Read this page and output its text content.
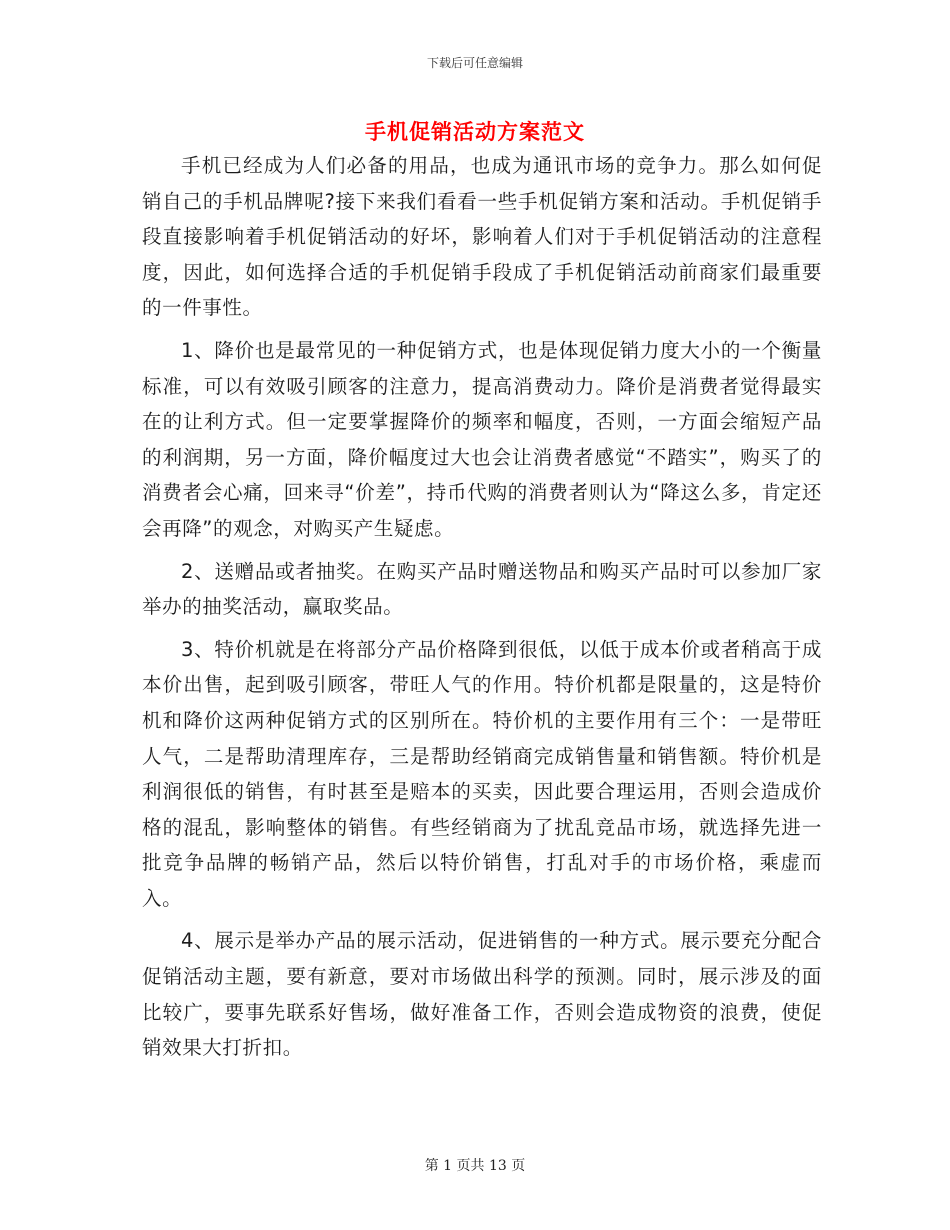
下载后可任意编辑
手机促销活动方案范文

手机已经成为人们必备的用品，也成为通讯市场的竞争力。那么如何促销自己的手机品牌呢?接下来我们看看一些手机促销方案和活动。手机促销手段直接影响着手机促销活动的好坏，影响着人们对于手机促销活动的注意程度，因此，如何选择合适的手机促销手段成了手机促销活动前商家们最重要的一件事性。

1、降价也是最常见的一种促销方式，也是体现促销力度大小的一个衡量标准，可以有效吸引顾客的注意力，提高消费动力。降价是消费者觉得最实在的让利方式。但一定要掌握降价的频率和幅度，否则，一方面会缩短产品的利润期，另一方面，降价幅度过大也会让消费者感觉“不踏实”，购买了的消费者会心痛，回来寻“价差”，持币代购的消费者则认为“降这么多，肯定还会再降”的观念，对购买产生疑虑。

2、送赠品或者抽奖。在购买产品时赠送物品和购买产品时可以参加厂家举办的抽奖活动，赢取奖品。

3、特价机就是在将部分产品价格降到很低，以低于成本价或者稍高于成本价出售，起到吸引顾客，带旺人气的作用。特价机都是限量的，这是特价机和降价这两种促销方式的区别所在。特价机的主要作用有三个：一是带旺人气，二是帮助清理库存，三是帮助经销商完成销售量和销售额。特价机是利润很低的销售，有时甚至是赔本的买卖，因此要合理运用，否则会造成价格的混乱，影响整体的销售。有些经销商为了扰乱竞品市场，就选择先进一批竞争品牌的畅销产品，然后以特价销售，打乱对手的市场价格，乘虚而入。

4、展示是举办产品的展示活动，促进销售的一种方式。展示要充分配合促销活动主题，要有新意，要对市场做出科学的预测。同时，展示涉及的面比较广，要事先联系好售场，做好准备工作，否则会造成物资的浪费，使促销效果大打折扣。

第 1 页共 13 页
